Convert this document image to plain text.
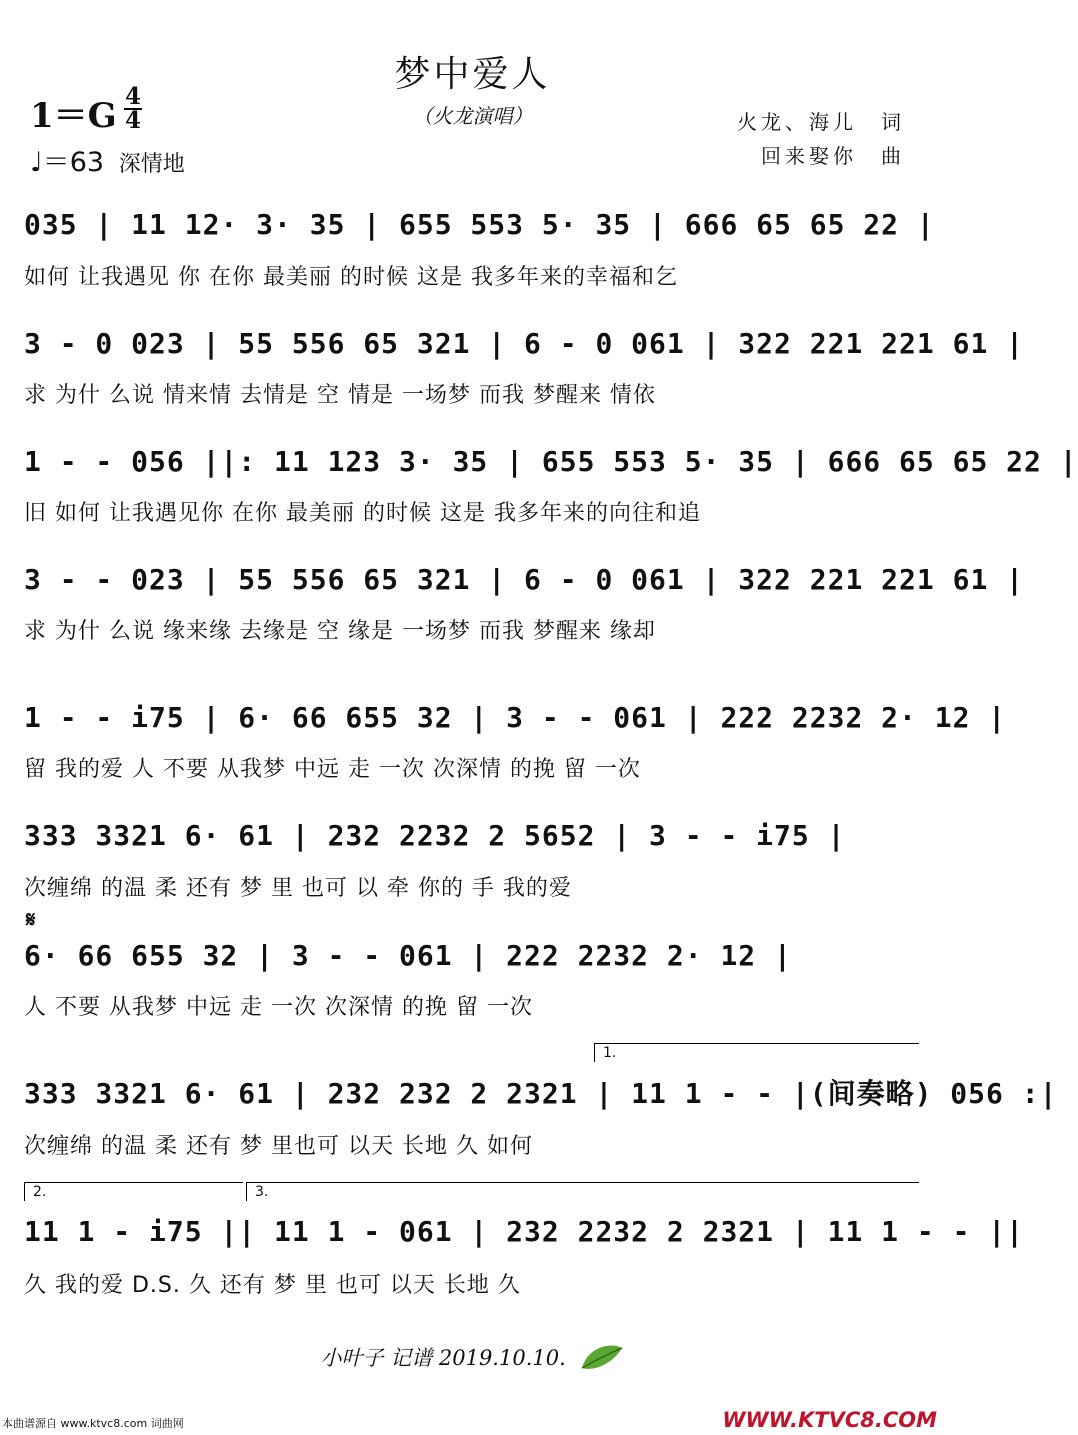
梦中爱人
（火龙演唱）
1＝G 4
4
♩＝63 深情地
火龙、海儿　词
回来娶你　曲
035 | 11 12· 3· 35 | 655 553 5· 35 | 666 65 65 22 |
如何 让我遇见 你 在你 最美丽 的时候 这是 我多年来的幸福和乞
3 - 0 023 | 55 556 65 321 | 6 - 0 061 | 322 221 221 61 |
求 为什 么说 情来情 去情是 空 情是 一场梦 而我 梦醒来 情依
1 - - 056 ||: 11 123 3· 35 | 655 553 5· 35 | 666 65 65 22 |
旧 如何 让我遇见你 在你 最美丽 的时候 这是 我多年来的向往和追
3 - - 023 | 55 556 65 321 | 6 - 0 061 | 322 221 221 61 |
求 为什 么说 缘来缘 去缘是 空 缘是 一场梦 而我 梦醒来 缘却
1 - - i75 | 6· 66 655 32 | 3 - - 061 | 222 2232 2· 12 |
留 我的爱 人 不要 从我梦 中远 走 一次 次深情 的挽 留 一次
333 3321 6· 61 | 232 2232 2 5652 | 3 - - i75 |
次缠绵 的温 柔 还有 梦 里 也可 以 牵 你的 手 我的爱
𝄋
6· 66 655 32 | 3 - - 061 | 222 2232 2· 12 |
人 不要 从我梦 中远 走 一次 次深情 的挽 留 一次
1.
333 3321 6· 61 | 232 232 2 2321 | 11 1 - - |(间奏略) 056 :|
次缠绵 的温 柔 还有 梦 里也可 以天 长地 久 如何
2.	3.
11 1 - i75 || 11 1 - 061 | 232 2232 2 2321 | 11 1 - - ||
久 我的爱 D.S. 久 还有 梦 里 也可 以天 长地 久
小叶子 记谱 2019.10.10.
本曲谱源自 www.ktvc8.com 词曲网	WWW.KTVC8.COM
